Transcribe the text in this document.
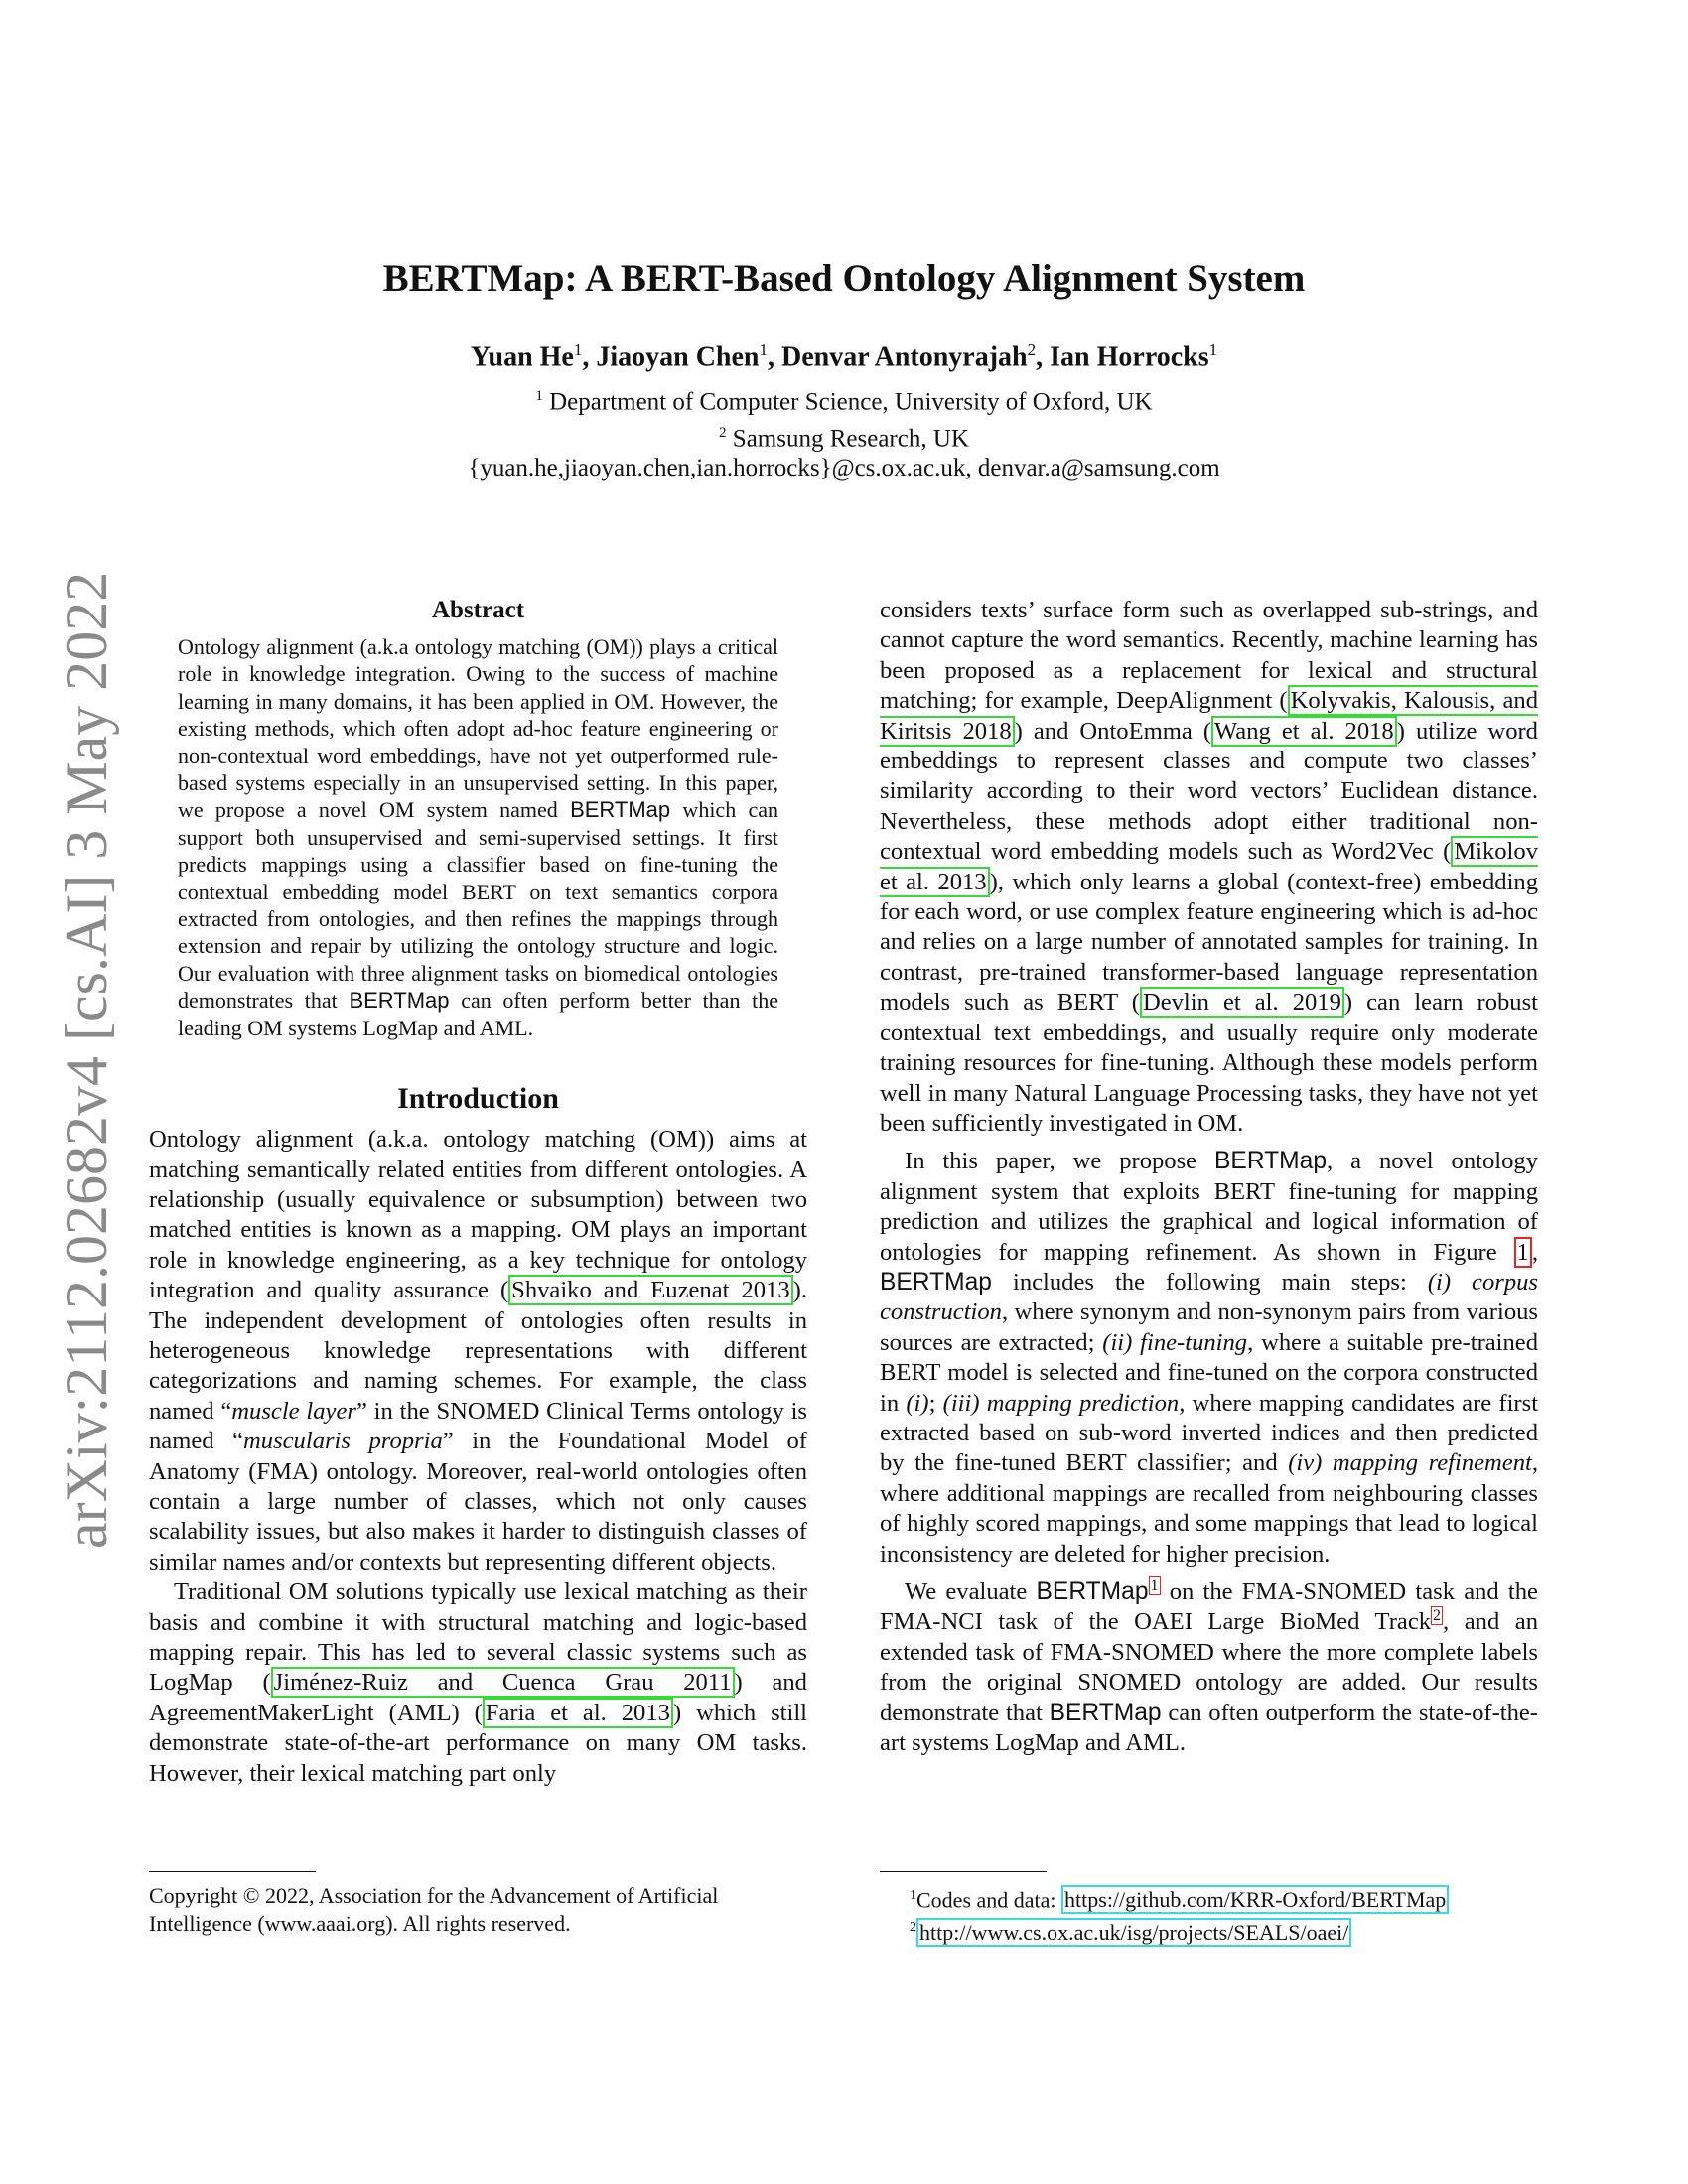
arXiv:2112.02682v4 [cs.AI] 3 May 2022
BERTMap: A BERT-Based Ontology Alignment System
Yuan He$^1$, Jiaoyan Chen$^1$, Denvar Antonyrajah$^2$, Ian Horrocks$^1$
$^1$ Department of Computer Science, University of Oxford, UK
$^2$ Samsung Research, UK
{yuan.he,jiaoyan.chen,ian.horrocks}@cs.ox.ac.uk, denvar.a@samsung.com
Abstract

Ontology alignment (a.k.a ontology matching (OM)) plays a critical role in knowledge integration. Owing to the success of machine learning in many domains, it has been applied in OM. However, the existing methods, which often adopt ad-hoc feature engineering or non-contextual word embeddings, have not yet outperformed rule-based systems especially in an unsupervised setting. In this paper, we propose a novel OM system named BERTMap which can support both unsupervised and semi-supervised settings. It first predicts mappings using a classifier based on fine-tuning the contextual embedding model BERT on text semantics corpora extracted from ontologies, and then refines the mappings through extension and repair by utilizing the ontology structure and logic. Our evaluation with three alignment tasks on biomedical ontologies demonstrates that BERTMap can often perform better than the leading OM systems LogMap and AML.

Introduction

Ontology alignment (a.k.a. ontology matching (OM)) aims at matching semantically related entities from different ontologies. A relationship (usually equivalence or subsumption) between two matched entities is known as a mapping. OM plays an important role in knowledge engineering, as a key technique for ontology integration and quality assurance ( Shvaiko and Euzenat 2013 ). The independent development of ontologies often results in heterogeneous knowledge representations with different categorizations and naming schemes. For example, the class named “muscle layer” in the SNOMED Clinical Terms ontology is named “muscularis propria” in the Foundational Model of Anatomy (FMA) ontology. Moreover, real-world ontologies often contain a large number of classes, which not only causes scalability issues, but also makes it harder to distinguish classes of similar names and/or contexts but representing different objects.

Traditional OM solutions typically use lexical matching as their basis and combine it with structural matching and logic-based mapping repair. This has led to several classic systems such as LogMap ( Jiménez-Ruiz and Cuenca Grau 2011 ) and AgreementMakerLight (AML) ( Faria et al. 2013 ) which still demonstrate state-of-the-art performance on many OM tasks. However, their lexical matching part only

Copyright © 2022, Association for the Advancement of Artificial Intelligence (www.aaai.org). All rights reserved.

considers texts’ surface form such as overlapped sub-strings, and cannot capture the word semantics. Recently, machine learning has been proposed as a replacement for lexical and structural matching; for example, DeepAlignment ( Kolyvakis, Kalousis, and Kiritsis 2018 ) and OntoEmma ( Wang et al. 2018 ) utilize word embeddings to represent classes and compute two classes’ similarity according to their word vectors’ Euclidean distance. Nevertheless, these methods adopt either traditional non-contextual word embedding models such as Word2Vec ( Mikolov et al. 2013 ), which only learns a global (context-free) embedding for each word, or use complex feature engineering which is ad-hoc and relies on a large number of annotated samples for training. In contrast, pre-trained transformer-based language representation models such as BERT ( Devlin et al. 2019 ) can learn robust contextual text embeddings, and usually require only moderate training resources for fine-tuning. Although these models perform well in many Natural Language Processing tasks, they have not yet been sufficiently investigated in OM.

In this paper, we propose BERTMap, a novel ontology alignment system that exploits BERT fine-tuning for mapping prediction and utilizes the graphical and logical information of ontologies for mapping refinement. As shown in Figure 1 , BERTMap includes the following main steps: (i) corpus construction, where synonym and non-synonym pairs from various sources are extracted; (ii) fine-tuning, where a suitable pre-trained BERT model is selected and fine-tuned on the corpora constructed in (i); (iii) mapping prediction, where mapping candidates are first extracted based on sub-word inverted indices and then predicted by the fine-tuned BERT classifier; and (iv) mapping refinement, where additional mappings are recalled from neighbouring classes of highly scored mappings, and some mappings that lead to logical inconsistency are deleted for higher precision.

We evaluate BERTMap $^1$ on the FMA-SNOMED task and the FMA-NCI task of the OAEI Large BioMed Track $^2$, and an extended task of FMA-SNOMED where the more complete labels from the original SNOMED ontology are added. Our results demonstrate that BERTMap can often outperform the state-of-the-art systems LogMap and AML.

$^1$Codes and data: https://github.com/KRR-Oxford/BERTMap

$^2$ http://www.cs.ox.ac.uk/isg/projects/SEALS/oaei/
